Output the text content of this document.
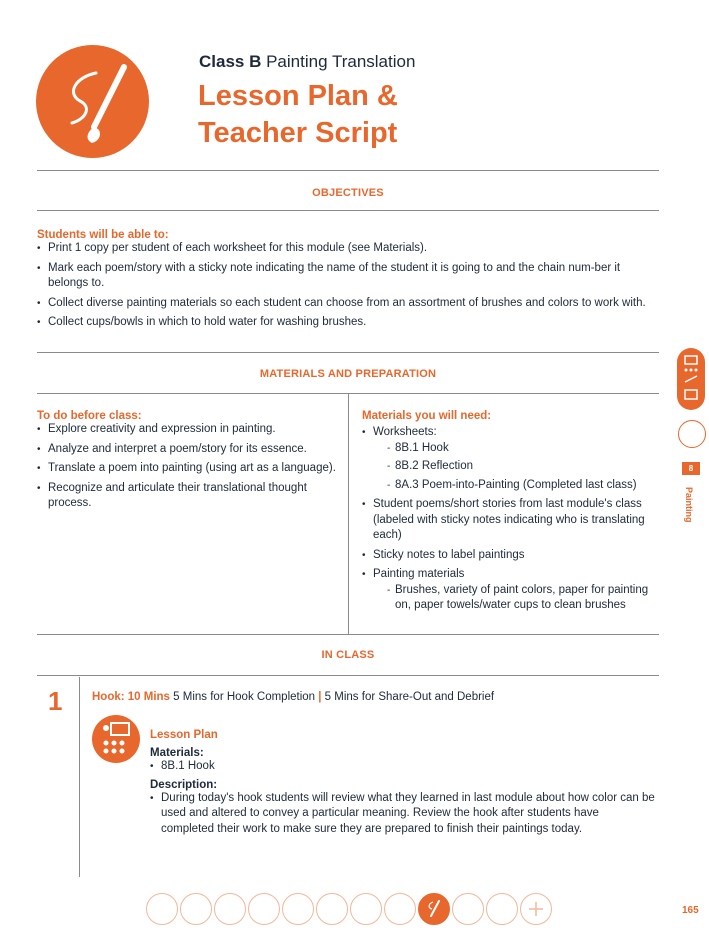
Class B Painting Translation
Lesson Plan &
Teacher Script
OBJECTIVES
Students will be able to:
• Print 1 copy per student of each worksheet for this module (see Materials).
• Mark each poem/story with a sticky note indicating the name of the student it is going to and the chain num-ber it belongs to.
• Collect diverse painting materials so each student can choose from an assortment of brushes and colors to work with.
• Collect cups/bowls in which to hold water for washing brushes.
MATERIALS AND PREPARATION
To do before class:
• Explore creativity and expression in painting.
• Analyze and interpret a poem/story for its essence.
• Translate a poem into painting (using art as a language).
• Recognize and articulate their translational thought process.
Materials you will need:
• Worksheets:
- 8B.1 Hook
- 8B.2 Reflection
- 8A.3 Poem-into-Painting (Completed last class)
• Student poems/short stories from last module's class (labeled with sticky notes indicating who is translating each)
• Sticky notes to label paintings
• Painting materials
- Brushes, variety of paint colors, paper for painting on, paper towels/water cups to clean brushes
IN CLASS
1	Hook: 10 Mins 5 Mins for Hook Completion | 5 Mins for Share-Out and Debrief
Lesson Plan
Materials:
• 8B.1 Hook
Description:
• During today's hook students will review what they learned in last module about how color can be used and altered to convey a particular meaning. Review the hook after students have completed their work to make sure they are prepared to finish their paintings today.
8
Painting
165
